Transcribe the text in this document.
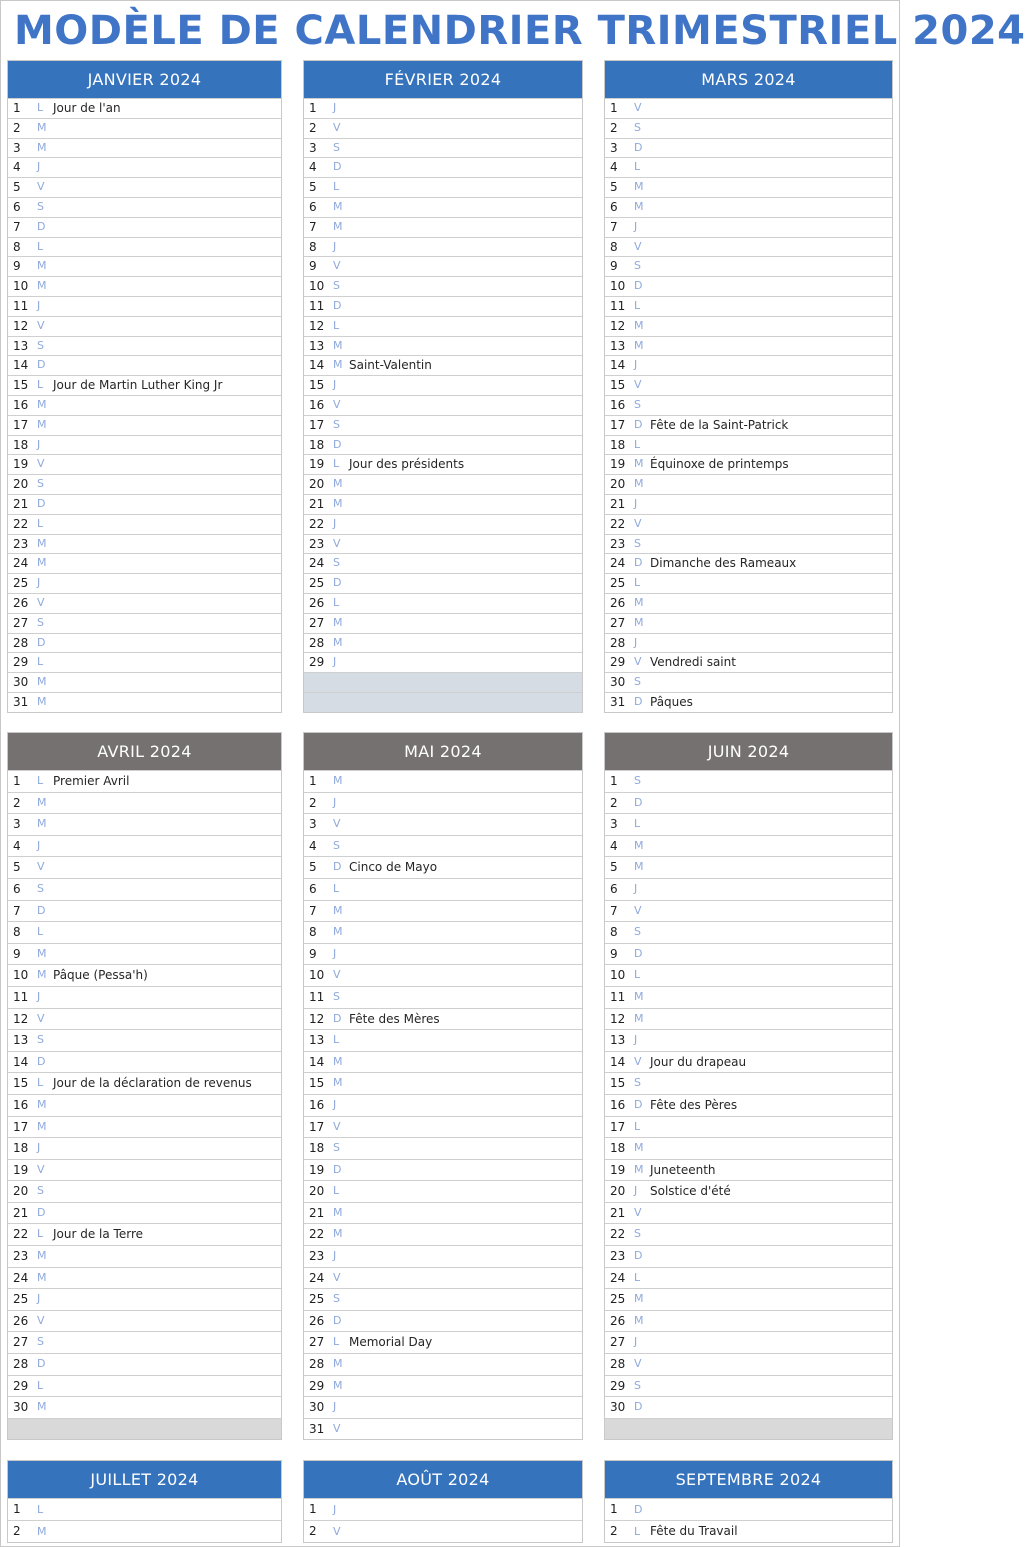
MODÈLE DE CALENDRIER TRIMESTRIEL 2024
JANVIER 2024
1 L Jour de l'an
2 M
3 M
4 J
5 V
6 S
7 D
8 L
9 M
10 M
11 J
12 V
13 S
14 D
15 L Jour de Martin Luther King Jr
16 M
17 M
18 J
19 V
20 S
21 D
22 L
23 M
24 M
25 J
26 V
27 S
28 D
29 L
30 M
31 M
FÉVRIER 2024
1 J
2 V
3 S
4 D
5 L
6 M
7 M
8 J
9 V
10 S
11 D
12 L
13 M
14 M Saint-Valentin
15 J
16 V
17 S
18 D
19 L Jour des présidents
20 M
21 M
22 J
23 V
24 S
25 D
26 L
27 M
28 M
29 J
MARS 2024
1 V
2 S
3 D
4 L
5 M
6 M
7 J
8 V
9 S
10 D
11 L
12 M
13 M
14 J
15 V
16 S
17 D Fête de la Saint-Patrick
18 L
19 M Équinoxe de printemps
20 M
21 J
22 V
23 S
24 D Dimanche des Rameaux
25 L
26 M
27 M
28 J
29 V Vendredi saint
30 S
31 D Pâques
AVRIL 2024
1 L Premier Avril
2 M
3 M
4 J
5 V
6 S
7 D
8 L
9 M
10 M Pâque (Pessa'h)
11 J
12 V
13 S
14 D
15 L Jour de la déclaration de revenus
16 M
17 M
18 J
19 V
20 S
21 D
22 L Jour de la Terre
23 M
24 M
25 J
26 V
27 S
28 D
29 L
30 M
MAI 2024
1 M
2 J
3 V
4 S
5 D Cinco de Mayo
6 L
7 M
8 M
9 J
10 V
11 S
12 D Fête des Mères
13 L
14 M
15 M
16 J
17 V
18 S
19 D
20 L
21 M
22 M
23 J
24 V
25 S
26 D
27 L Memorial Day
28 M
29 M
30 J
31 V
JUIN 2024
1 S
2 D
3 L
4 M
5 M
6 J
7 V
8 S
9 D
10 L
11 M
12 M
13 J
14 V Jour du drapeau
15 S
16 D Fête des Pères
17 L
18 M
19 M Juneteenth
20 J Solstice d'été
21 V
22 S
23 D
24 L
25 M
26 M
27 J
28 V
29 S
30 D
JUILLET 2024
1 L
2 M
AOÛT 2024
1 J
2 V
SEPTEMBRE 2024
1 D
2 L Fête du Travail
